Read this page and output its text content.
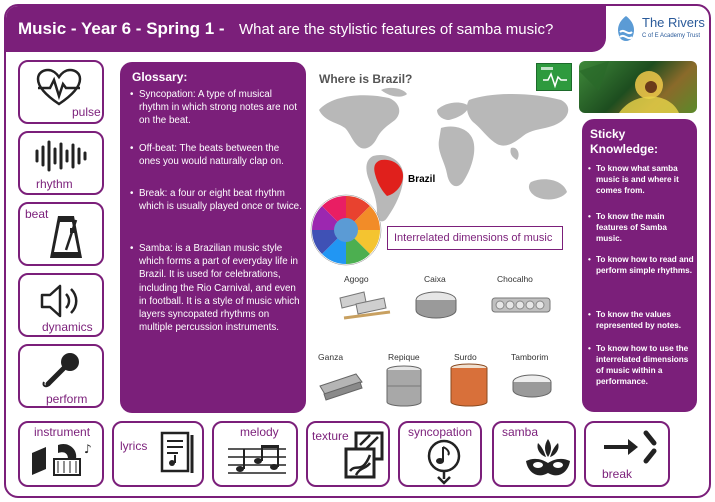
Music - Year 6 - Spring 1 - What are the stylistic features of samba music?	The Rivers
C of E Academy Trust
pulse
rhythm
beat
dynamics
perform
Glossary:
• Syncopation: A type of musical rhythm in which strong notes are not on the beat.
• Off-beat: The beats between the ones you would naturally clap on.
• Break: a four or eight beat rhythm which is usually played once or twice.
• Samba: is a Brazilian music style which forms a part of everyday life in Brazil. It is used for celebrations, including the Rio Carnival, and even in football. It is a style of music which layers syncopated rhythms on multiple percussion instruments.
Where is Brazil?
Brazil
Interrelated dimensions of music
Agogo	Caixa	Chocalho
Ganza	Repique	Surdo	Tamborim
Sticky Knowledge:
• To know what samba music is and where it comes from.
• To know the main features of Samba music.
• To know how to read and perform simple rhythms.
• To know the values represented by notes.
• To know how to use the interrelated dimensions of music within a performance.
instrument
♪ lyrics
melody	texture	syncopation samba
break
